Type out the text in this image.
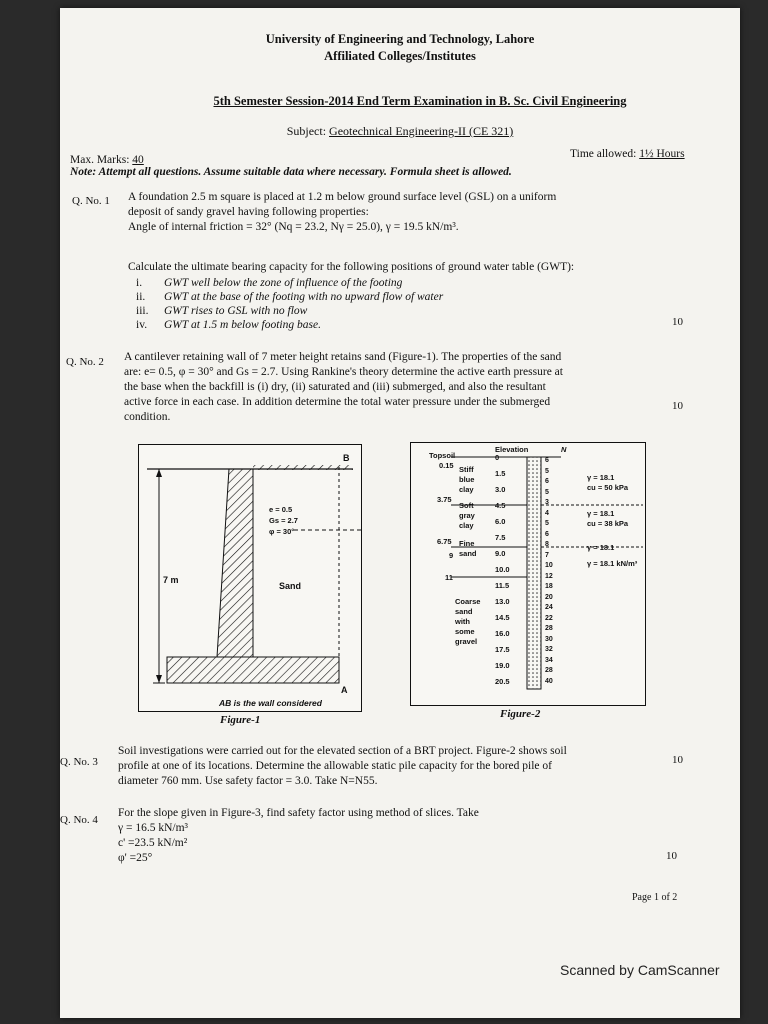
University of Engineering and Technology, Lahore
Affiliated Colleges/Institutes
5th Semester Session-2014 End Term Examination in B. Sc. Civil Engineering
Subject: Geotechnical Engineering-II (CE 321)
Max. Marks: 40	Time allowed: 1½ Hours
Note: Attempt all questions. Assume suitable data where necessary. Formula sheet is allowed.
Q. No. 1 A foundation 2.5 m square is placed at 1.2 m below ground surface level (GSL) on a uniform
deposit of sandy gravel having following properties:
Angle of internal friction = 32° (Nq = 23.2, Nγ = 25.0), γ = 19.5 kN/m³.
Calculate the ultimate bearing capacity for the following positions of ground water table (GWT):
i.	GWT well below the zone of influence of the footing
ii.	GWT at the base of the footing with no upward flow of water
iii.	GWT rises to GSL with no flow
iv.	GWT at 1.5 m below footing base.	10
Q. No. 2 A cantilever retaining wall of 7 meter height retains sand (Figure-1). The properties of the sand
are: e= 0.5, φ = 30° and Gs = 2.7. Using Rankine's theory determine the active earth pressure at
the base when the backfill is (i) dry, (ii) saturated and (iii) submerged, and also the resultant
active force in each case. In addition determine the total water pressure under the submerged
condition.
10
B
A
7 m
e = 0.5
Gs = 2.7
φ = 30°
Sand
AB is the wall considered
Figure-1
Elevation	N
Topsoil
0.15 Stiff blue clay
3.75
Soft gray clay
6.75 Fine sand
9
11
Coarse sand with some gravel
0
1.5
3.0
4.5
6.0
7.5
9.0
10.0
11.5
13.0
14.5
16.0
17.5
19.0
20.5
6
5
6
5
3
4
5
6
8
7
10
12
18
20
24
22
28
30
32
34
28
40
γ = 18.1
cu = 50 kPa
γ = 18.1
cu = 38 kPa
γ = 18.1
γ = 18.1 kN/m³
Figure-2
Q. No. 3
Soil investigations were carried out for the elevated section of a BRT project. Figure-2 shows soil
profile at one of its locations. Determine the allowable static pile capacity for the bored pile of
diameter 760 mm. Use safety factor = 3.0. Take N=N55.
10
Q. No. 4
For the slope given in Figure-3, find safety factor using method of slices. Take
γ = 16.5 kN/m³
c' =23.5 kN/m²
φ' =25°	10
Page 1 of 2
Scanned by CamScanner
